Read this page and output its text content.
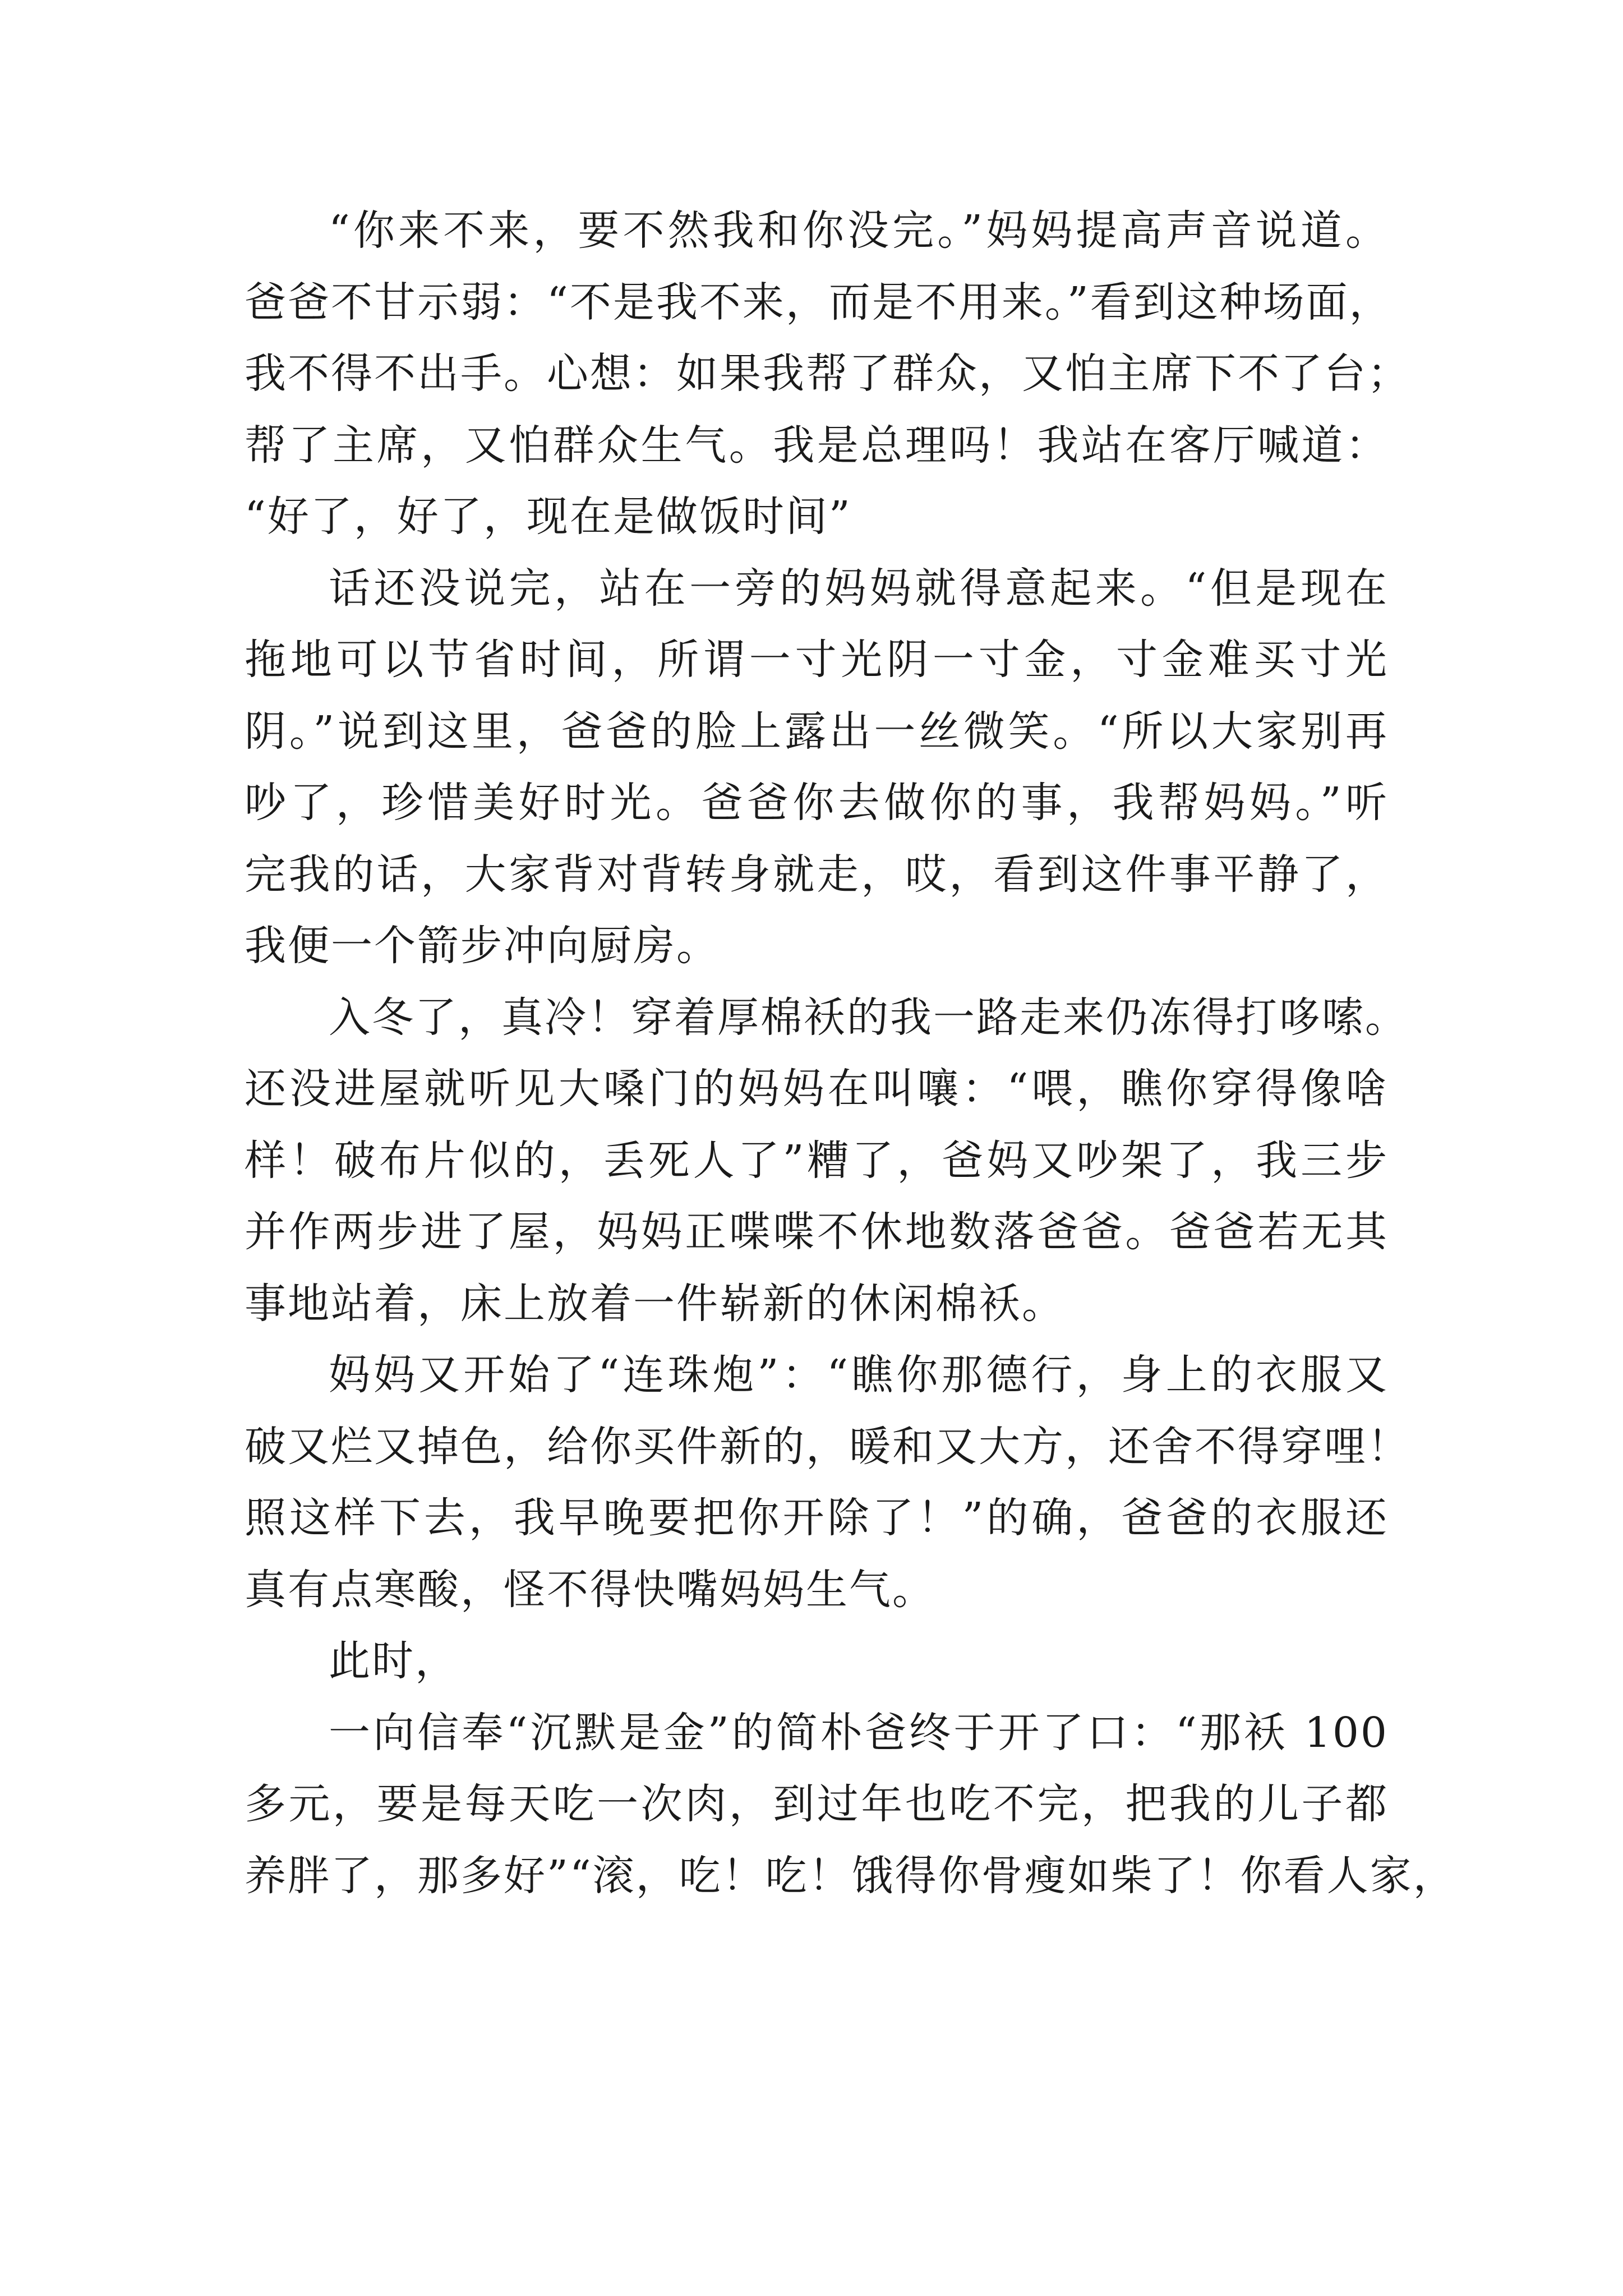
“你来不来，要不然我和你没完。”妈妈提高声音说道。
爸爸不甘示弱：“不是我不来，而是不用来。”看到这种场面，
我不得不出手。心想：如果我帮了群众，又怕主席下不了台；
帮了主席，又怕群众生气。我是总理吗！我站在客厅喊道：
“好了，好了，现在是做饭时间”
话还没说完，站在一旁的妈妈就得意起来。“但是现在
拖地可以节省时间，所谓一寸光阴一寸金，寸金难买寸光
阴。”说到这里，爸爸的脸上露出一丝微笑。“所以大家别再
吵了，珍惜美好时光。爸爸你去做你的事，我帮妈妈。”听
完我的话，大家背对背转身就走，哎，看到这件事平静了，
我便一个箭步冲向厨房。
入冬了，真冷！穿着厚棉袄的我一路走来仍冻得打哆嗦。
还没进屋就听见大嗓门的妈妈在叫嚷：“喂，瞧你穿得像啥
样！破布片似的，丢死人了”糟了，爸妈又吵架了，我三步
并作两步进了屋，妈妈正喋喋不休地数落爸爸。爸爸若无其
事地站着，床上放着一件崭新的休闲棉袄。
妈妈又开始了“连珠炮”：“瞧你那德行，身上的衣服又
破又烂又掉色，给你买件新的，暖和又大方，还舍不得穿哩！
照这样下去，我早晚要把你开除了！”的确，爸爸的衣服还
真有点寒酸，怪不得快嘴妈妈生气。
此时，
一向信奉“沉默是金”的简朴爸终于开了口：“那袄 100
多元，要是每天吃一次肉，到过年也吃不完，把我的儿子都
养胖了，那多好”“滚，吃！吃！饿得你骨瘦如柴了！你看人家，
